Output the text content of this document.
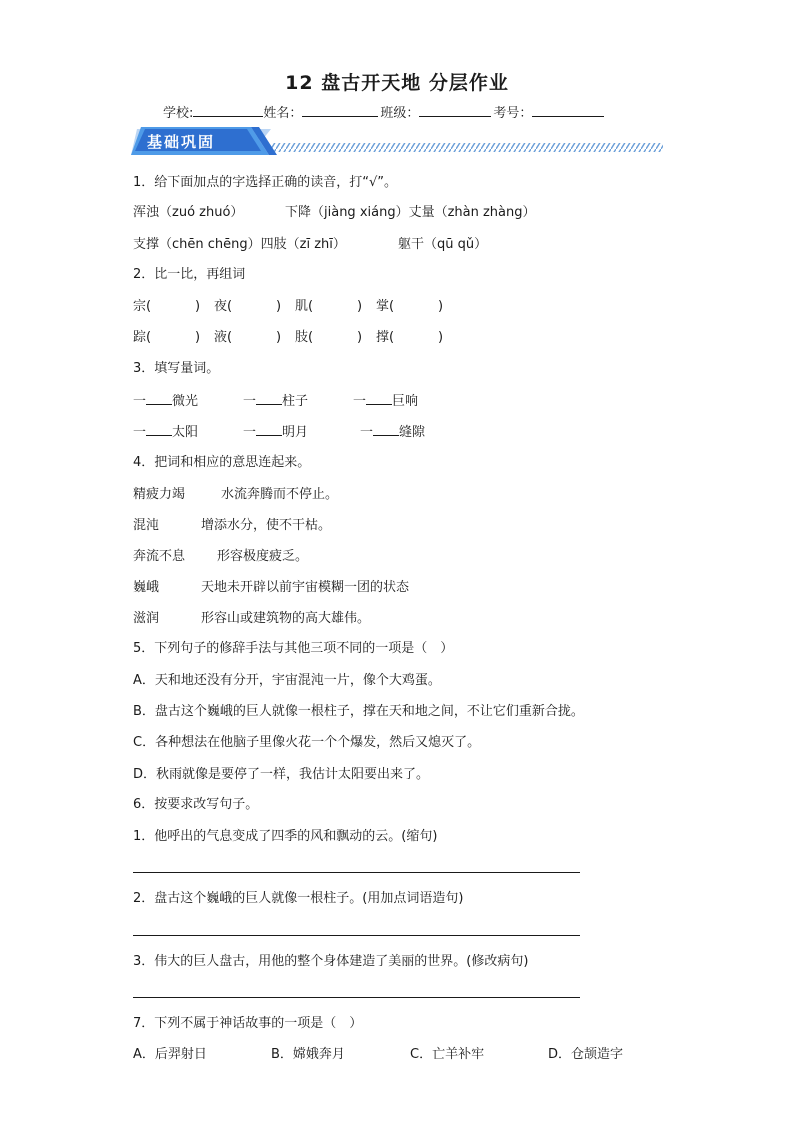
12 盘古开天地 分层作业
学校:	姓名：	班级：	考号：
基础巩固
1．给下面加点的字选择正确的读音，打“√”。
浑浊（zuó zhuó）	下降（jiàng xiáng）丈量（zhàn zhàng）
支撑（chēn chēng）四肢（zī zhī）	躯干（qū qǔ）
2．比一比，再组词
宗(	) 夜(	) 肌(	) 掌(	)
踪(	) 液(	) 肢(	) 撑(	)
3．填写量词。
一 微光	一 柱子	一 巨响
一 太阳	一 明月	一 缝隙
4．把词和相应的意思连起来。
精疲力竭	水流奔腾而不停止。
混沌	增添水分，使不干枯。
奔流不息 形容极度疲乏。
巍峨	天地未开辟以前宇宙模糊一团的状态
滋润	形容山或建筑物的高大雄伟。
5．下列句子的修辞手法与其他三项不同的一项是（　）
A．天和地还没有分开，宇宙混沌一片，像个大鸡蛋。
B．盘古这个巍峨的巨人就像一根柱子，撑在天和地之间，不让它们重新合拢。
C．各种想法在他脑子里像火花一个个爆发，然后又熄灭了。
D．秋雨就像是要停了一样，我估计太阳要出来了。
6．按要求改写句子。
1．他呼出的气息变成了四季的风和飘动的云。(缩句)
2．盘古这个巍峨的巨人就像一根柱子。(用加点词语造句)
3．伟大的巨人盘古，用他的整个身体建造了美丽的世界。(修改病句)
7．下列不属于神话故事的一项是（　）
A．后羿射日	B．嫦娥奔月	C．亡羊补牢	D．仓颉造字
